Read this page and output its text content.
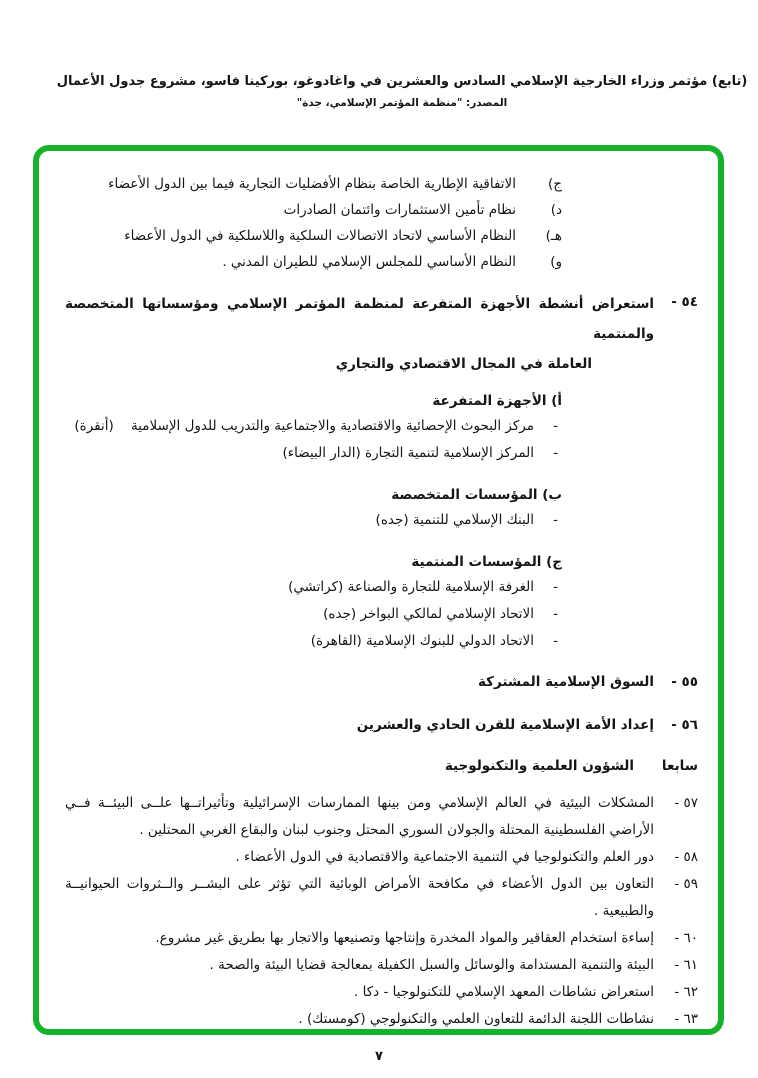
(تابع) مؤتمر وزراء الخارجية الإسلامي السادس والعشرين في واغادوغو، بوركينا فاسو، مشروع جدول الأعمال
المصدر: "منظمة المؤتمر الإسلامي، جدة"
ج)
الاتفاقية الإطارية الخاصة بنظام الأفضليات التجارية فيما بين الدول الأعضاء
د)
نظام تأمين الاستثمارات وائتمان الصادرات
هـ)
النظام الأساسي لاتحاد الاتصالات السلكية واللاسلكية في الدول الأعضاء
و)
النظام الأساسي للمجلس الإسلامي للطيران المدني .
٥٤ -
استعراض أنشطة الأجهزة المتفرعة لمنظمة المؤتمر الإسلامي ومؤسساتها المتخصصة والمنتمية
العاملة في المجال الاقتصادي والتجاري
أ) الأجهزة المتفرعة
-
مركز البحوث الإحصائية والاقتصادية والاجتماعية والتدريب للدول الإسلامية    (أنقرة)
-
المركز الإسلامية لتنمية التجارة (الدار البيضاء)
ب) المؤسسات المتخصصة
-
البنك الإسلامي للتنمية (جده)
ج) المؤسسات المنتمية
-
الغرفة الإسلامية للتجارة والصناعة (كراتشي)
-
الاتحاد الإسلامي لمالكي البواخر (جده)
-
الاتحاد الدولي للبنوك الإسلامية (القاهرة)
٥٥ -
السوق الإسلامية المشتركة
٥٦ -
إعداد الأمة الإسلامية للقرن الحادي والعشرين
سابعا
الشؤون العلمية والتكنولوجية
٥٧ -
المشكلات البيئية في العالم الإسلامي ومن بينها الممارسات الإسرائيلية وتأثيراتــها علــى البيئــة فــي
الأراضي الفلسطينية المحتلة والجولان السوري المحتل وجنوب لبنان والبقاع الغربي المحتلين .
٥٨ -
دور العلم والتكنولوجيا في التنمية الاجتماعية والاقتصادية في الدول الأعضاء .
٥٩ -
التعاون بين الدول الأعضاء في مكافحة الأمراض الوبائية التي تؤثر على البشــر والــثروات الحيوانيــة
والطبيعية .
٦٠ -
إساءة استخدام العقاقير والمواد المخدرة وإنتاجها وتصنيعها والاتجار بها بطريق غير مشروع.
٦١ -
البيئة والتنمية المستدامة والوسائل والسبل الكفيلة بمعالجة قضايا البيئة والصحة .
٦٢ -
استعراض نشاطات المعهد الإسلامي للتكنولوجيا - دكا .
٦٣ -
نشاطات اللجنة الدائمة للتعاون العلمي والتكنولوجي (كومستك) .
٧
